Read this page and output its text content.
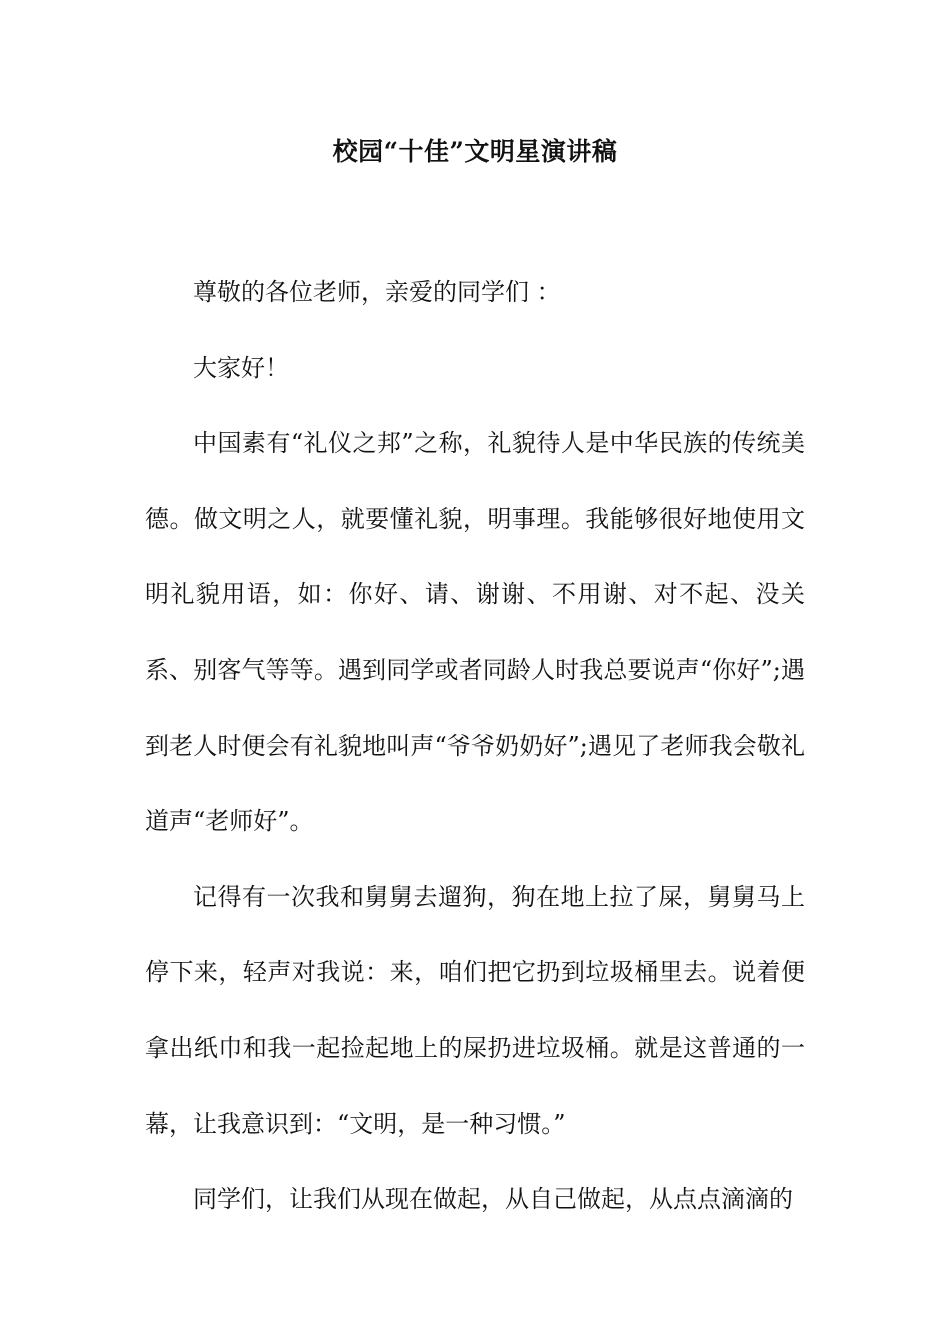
校园“十佳”文明星演讲稿

尊敬的各位老师，亲爱的同学们 ：

大家好！

中国素有“礼仪之邦”之称，礼貌待人是中华民族的传统美德。做文明之人，就要懂礼貌，明事理。我能够很好地使用文明礼貌用语，如：你好、请、谢谢、不用谢、对不起、没关系、别客气等等。遇到同学或者同龄人时我总要说声“你好”;遇到老人时便会有礼貌地叫声“爷爷奶奶好”;遇见了老师我会敬礼道声“老师好”。

记得有一次我和舅舅去遛狗，狗在地上拉了屎，舅舅马上停下来，轻声对我说：来，咱们把它扔到垃圾桶里去。说着便拿出纸巾和我一起捡起地上的屎扔进垃圾桶。就是这普通的一幕，让我意识到：“文明，是一种习惯。”

同学们，让我们从现在做起，从自己做起，从点点滴滴的
